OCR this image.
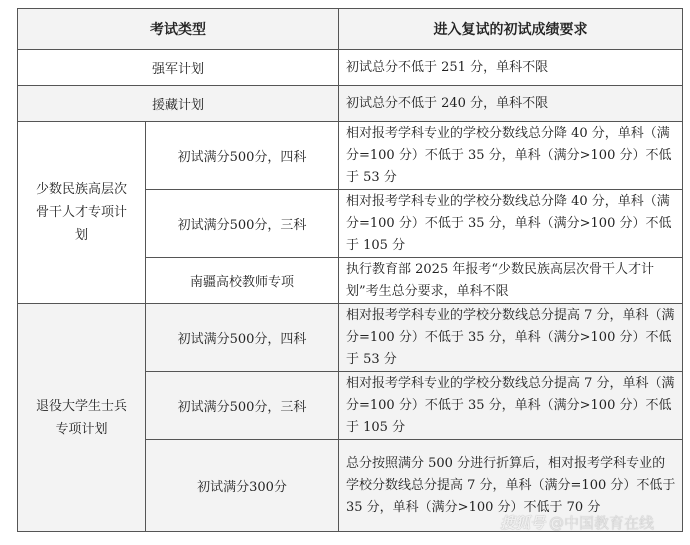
考试类型		进入复试的初试成绩要求
强军计划		初试总分不低于 251 分，单科不限
援藏计划		初试总分不低于 240 分，单科不限

少数民族高层次骨干人才专项计划	初试满分500分，四科	相对报考学科专业的学校分数线总分降 40 分，单科（满分=100 分）不低于 35 分，单科（满分>100 分）不低于 53 分
	初试满分500分，三科	相对报考学科专业的学校分数线总分降 40 分，单科（满分=100 分）不低于 35 分，单科（满分>100 分）不低于 105 分
	南疆高校教师专项	执行教育部 2025 年报考“少数民族高层次骨干人才计划”考生总分要求，单科不限

退役大学生士兵专项计划	初试满分500分，四科	相对报考学科专业的学校分数线总分提高 7 分，单科（满分=100 分）不低于 35 分，单科（满分>100 分）不低于 53 分
	初试满分500分，三科	相对报考学科专业的学校分数线总分提高 7 分，单科（满分=100 分）不低于 35 分，单科（满分>100 分）不低于 105 分
	初试满分300分	总分按照满分 500 分进行折算后，相对报考学科专业的学校分数线总分提高 7 分，单科（满分=100 分）不低于 35 分，单科（满分>100 分）不低于 70 分
搜狐号 @中国教育在线
